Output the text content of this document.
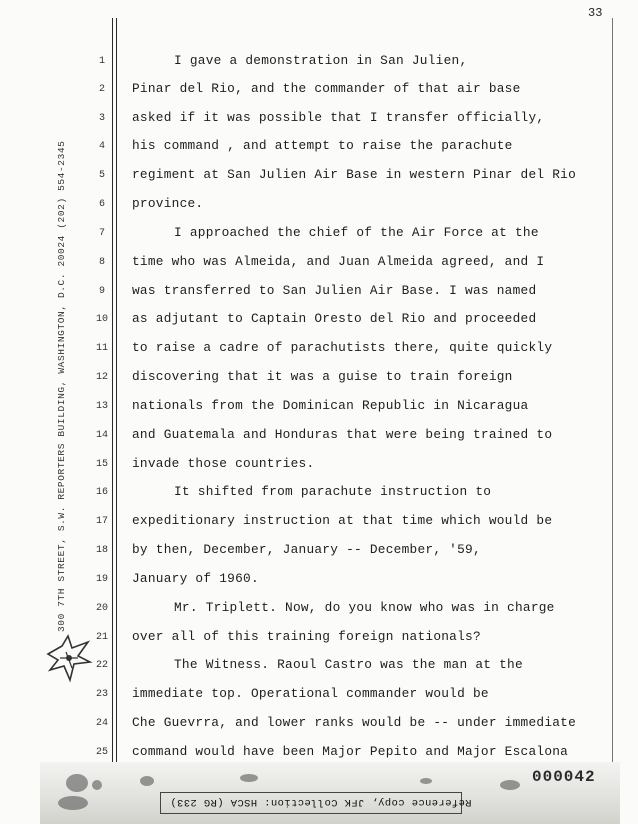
33
300 7TH STREET, S.W. REPORTERS BUILDING, WASHINGTON, D.C. 20024 (202) 554-2345
1
2
3
4
5
6
7
8
9
10
11
12
13
14
15
16
17
18
19
20
21
22
23
24
25
I gave a demonstration in San Julien,
Pinar del Rio, and the commander of that air base
asked if it was possible that I transfer officially,
his command , and attempt to raise the parachute
regiment at San Julien Air Base in western Pinar del Rio
province.
I approached the chief of the Air Force at the
time who was Almeida, and Juan Almeida agreed, and I
was transferred to San Julien Air Base. I was named
as adjutant to Captain Oresto del Rio and proceeded
to raise a cadre of parachutists there, quite quickly
discovering that it was a guise to train foreign
nationals from the Dominican Republic in Nicaragua
and Guatemala and Honduras that were being trained to
invade those countries.
It shifted from parachute instruction to
expeditionary instruction at that time which would be
by then, December, January -- December, '59,
January of 1960.
Mr. Triplett. Now, do you know who was in charge
over all of this training foreign nationals?
The Witness. Raoul Castro was the man at the
immediate top. Operational commander would be
Che Guevrra, and lower ranks would be -- under immediate
command would have been Major Pepito and Major Escalona
000042
Reference copy, JFK Collection: HSCA (RG 233)
